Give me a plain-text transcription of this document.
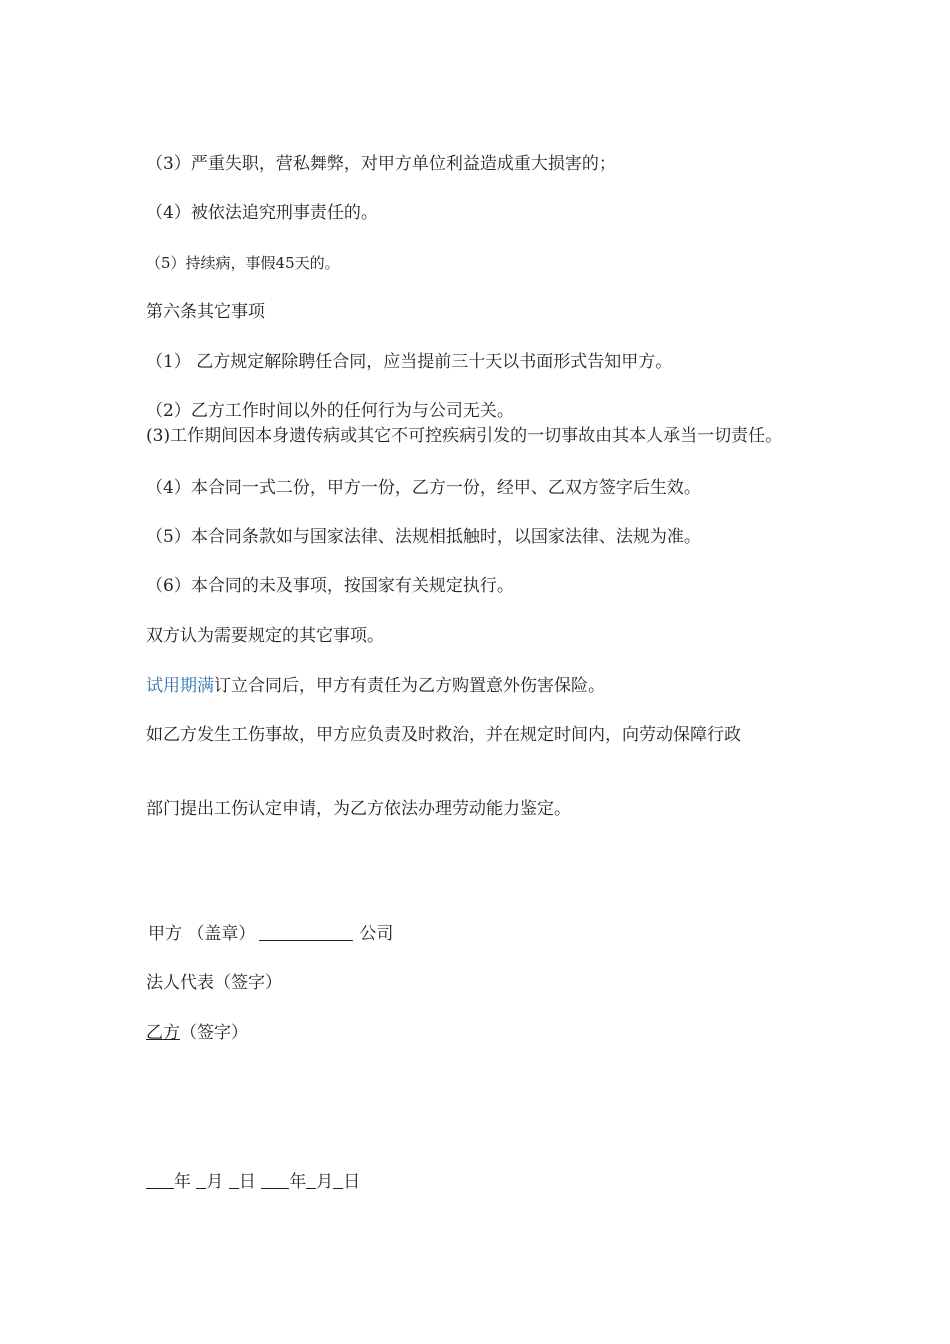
（3）严重失职，营私舞弊，对甲方单位利益造成重大损害的；

（4）被依法追究刑事责任的。

（5）持续病，事假45天的。

第六条其它事项

（1） 乙方规定解除聘任合同，应当提前三十天以书面形式告知甲方。

（2）乙方工作时间以外的任何行为与公司无关。

(3)工作期间因本身遗传病或其它不可控疾病引发的一切事故由其本人承当一切责任。

（4）本合同一式二份，甲方一份，乙方一份，经甲、乙双方签字后生效。

（5）本合同条款如与国家法律、法规相抵触时，以国家法律、法规为准。

（6）本合同的未及事项，按国家有关规定执行。

双方认为需要规定的其它事项。

试用期满订立合同后，甲方有责任为乙方购置意外伤害保险。

如乙方发生工伤事故，甲方应负责及时救治，并在规定时间内，向劳动保障行政

部门提出工伤认定申请，为乙方依法办理劳动能力鉴定。

甲方 （盖章）	公司

法人代表（签字）

乙方（签字）

年 月 日 年 月 日
